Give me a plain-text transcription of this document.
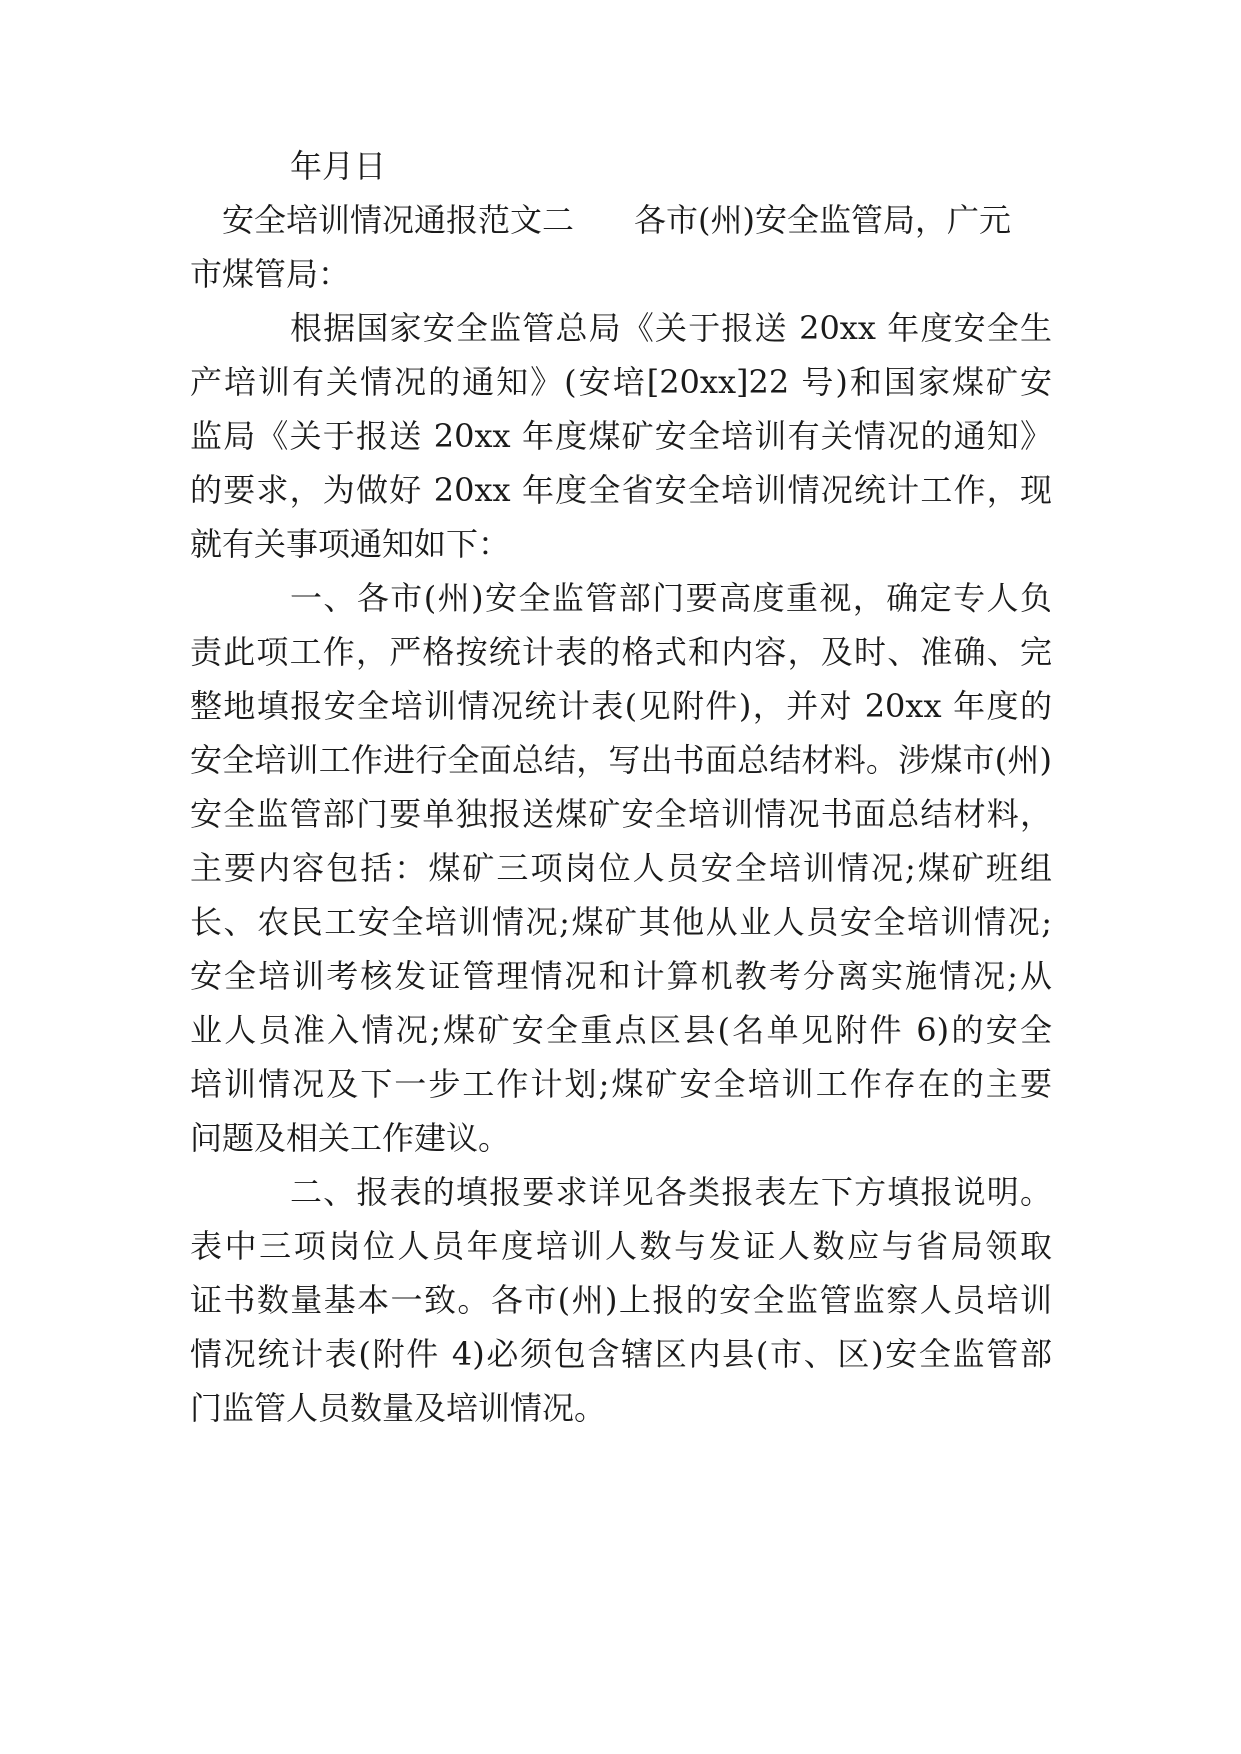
年月日
安全培训情况通报范文二 各市(州)安全监管局，广元
市煤管局：
根据国家安全监管总局《关于报送 20xx 年度安全生
产培训有关情况的通知》(安培[20xx]22 号)和国家煤矿安
监局《关于报送 20xx 年度煤矿安全培训有关情况的通知》
的要求，为做好 20xx 年度全省安全培训情况统计工作，现
就有关事项通知如下：
一、各市(州)安全监管部门要高度重视，确定专人负
责此项工作，严格按统计表的格式和内容，及时、准确、完
整地填报安全培训情况统计表(见附件)，并对 20xx 年度的
安全培训工作进行全面总结，写出书面总结材料。涉煤市(州)
安全监管部门要单独报送煤矿安全培训情况书面总结材料，
主要内容包括：煤矿三项岗位人员安全培训情况;煤矿班组
长、农民工安全培训情况;煤矿其他从业人员安全培训情况;
安全培训考核发证管理情况和计算机教考分离实施情况;从
业人员准入情况;煤矿安全重点区县(名单见附件 6)的安全
培训情况及下一步工作计划;煤矿安全培训工作存在的主要
问题及相关工作建议。
二、报表的填报要求详见各类报表左下方填报说明。
表中三项岗位人员年度培训人数与发证人数应与省局领取
证书数量基本一致。各市(州)上报的安全监管监察人员培训
情况统计表(附件 4)必须包含辖区内县(市、区)安全监管部
门监管人员数量及培训情况。
